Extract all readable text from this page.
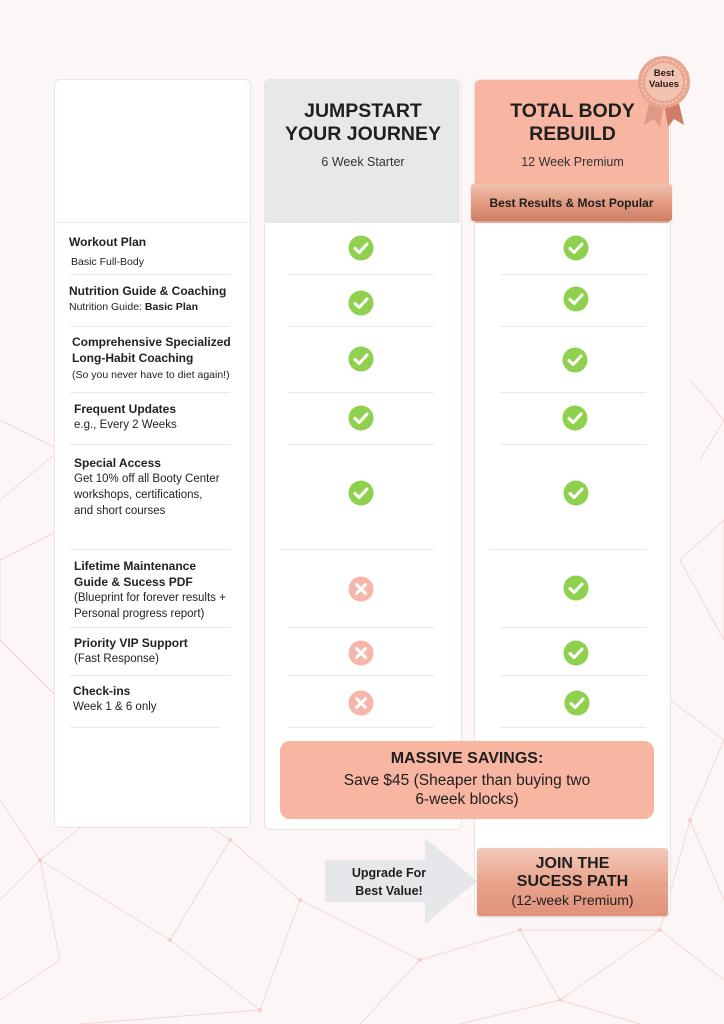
JUMPSTART
YOUR JOURNEY
6 Week Starter
TOTAL BODY
REBUILD
12 Week Premium
Best Results & Most Popular
Best
Values
Workout Plan
Basic Full-Body
Nutrition Guide & Coaching
Nutrition Guide: Basic Plan
Comprehensive Specialized Long-Habit Coaching
(So you never have to diet again!)
Frequent Updates
e.g., Every 2 Weeks
Special Access
Get 10% off all Booty Center workshops, certifications, and short courses
Lifetime Maintenance Guide & Sucess PDF
(Blueprint for forever results + Personal progress report)
Priority VIP Support
(Fast Response)
Check-ins
Week 1 & 6 only
MASSIVE SAVINGS:
Save $45 (Sheaper than buying two 6-week blocks)
Upgrade For
Best Value!
JOIN THE
SUCESS PATH
(12-week Premium)
